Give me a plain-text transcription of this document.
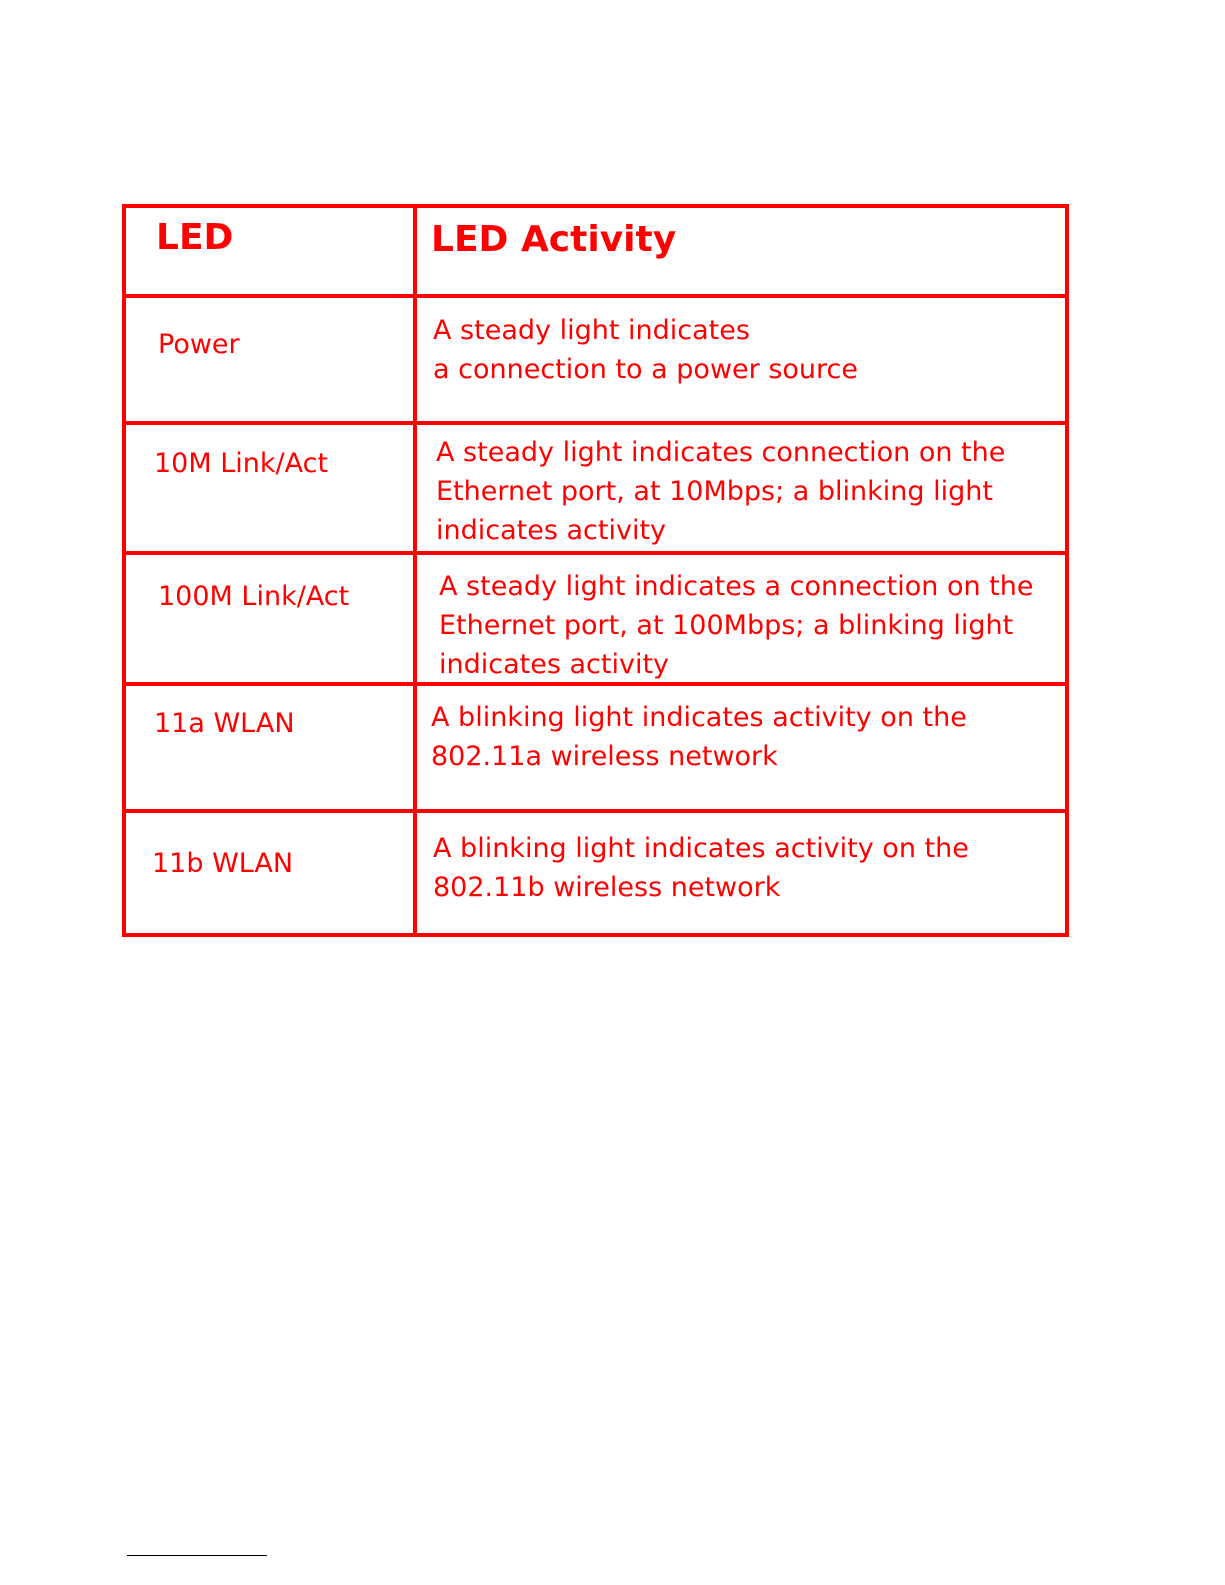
LED	LED Activity
Power	A steady light indicates
a connection to a power source
10M Link/Act	A steady light indicates connection on the
Ethernet port, at 10Mbps; a blinking light
indicates activity
100M Link/Act	A steady light indicates a connection on the
Ethernet port, at 100Mbps; a blinking light
indicates activity
11a WLAN	A blinking light indicates activity on the
802.11a wireless network
11b WLAN	A blinking light indicates activity on the
802.11b wireless network
